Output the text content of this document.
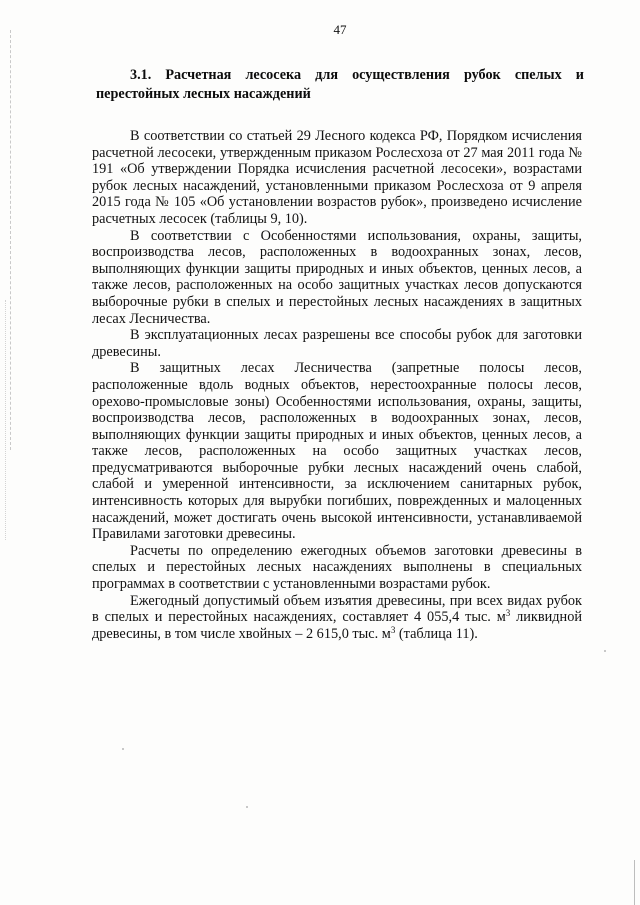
47
3.1. Расчетная лесосека для осуществления рубок спелых и перестойных лесных насаждений

В соответствии со статьей 29 Лесного кодекса РФ, Порядком исчисления расчетной лесосеки, утвержденным приказом Рослесхоза от 27 мая 2011 года № 191 «Об утверждении Порядка исчисления расчетной лесосеки», возрастами рубок лесных насаждений, установленными приказом Рослесхоза от 9 апреля 2015 года № 105 «Об установлении возрастов рубок», произведено исчисление расчетных лесосек (таблицы 9, 10).

В соответствии с Особенностями использования, охраны, защиты, воспроизводства лесов, расположенных в водоохранных зонах, лесов, выполняющих функции защиты природных и иных объектов, ценных лесов, а также лесов, расположенных на особо защитных участках лесов допускаются выборочные рубки в спелых и перестойных лесных насаждениях в защитных лесах Лесничества.

В эксплуатационных лесах разрешены все способы рубок для заготовки древесины.

В защитных лесах Лесничества (запретные полосы лесов, расположенные вдоль водных объектов, нерестоохранные полосы лесов, орехово-промысловые зоны) Особенностями использования, охраны, защиты, воспроизводства лесов, расположенных в водоохранных зонах, лесов, выполняющих функции защиты природных и иных объектов, ценных лесов, а также лесов, расположенных на особо защитных участках лесов, предусматриваются выборочные рубки лесных насаждений очень слабой, слабой и умеренной интенсивности, за исключением санитарных рубок, интенсивность которых для вырубки погибших, поврежденных и малоценных насаждений, может достигать очень высокой интенсивности, устанавливаемой Правилами заготовки древесины.

Расчеты по определению ежегодных объемов заготовки древесины в спелых и перестойных лесных насаждениях выполнены в специальных программах в соответствии с установленными возрастами рубок.

Ежегодный допустимый объем изъятия древесины, при всех видах рубок в спелых и перестойных насаждениях, составляет 4 055,4 тыс. $м^3$ ликвидной древесины, в том числе хвойных – 2 615,0 тыс. $м^3$ (таблица 11).
